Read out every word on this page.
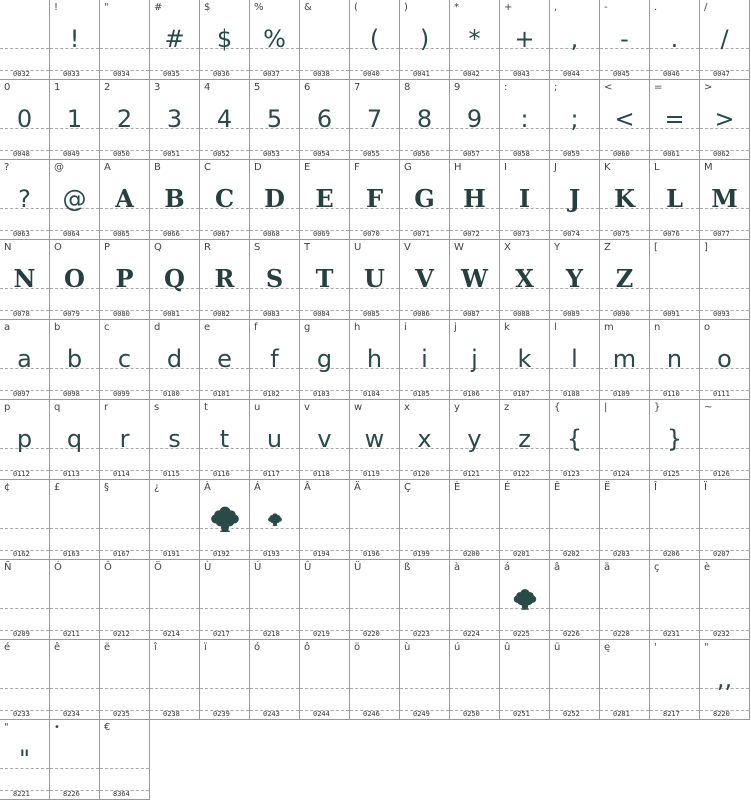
0032
!
!
0033
"
0034
#
#
0035
$
$
0036
%
%
0037
&
0038
(
(
0040
)
)
0041
*
*
0042
+
+
0043
,
,
0044
-
-
0045
.
.
0046
/
/
0047
0
0
0048
1
1
0049
2
2
0050
3
3
0051
4
4
0052
5
5
0053
6
6
0054
7
7
0055
8
8
0056
9
9
0057
:
:
0058
;
;
0059
<
<
0060
=
=
0061
>
>
0062
?
?
0063
@
@
0064
A
A
0065
B
B
0066
C
C
0067
D
D
0068
E
E
0069
F
F
0070
G
G
0071
H
H
0072
I
I
0073
J
J
0074
K
K
0075
L
L
0076
M
M
0077
N
N
0078
O
O
0079
P
P
0080
Q
Q
0081
R
R
0082
S
S
0083
T
T
0084
U
U
0085
V
V
0086
W
W
0087
X
X
0088
Y
Y
0089
Z
Z
0090
[
0091
]
0093
a
a
0097
b
b
0098
c
c
0099
d
d
0100
e
e
0101
f
f
0102
g
g
0103
h
h
0104
i
i
0105
j
j
0106
k
k
0107
l
l
0108
m
m
0109
n
n
0110
o
o
0111
p
p
0112
q
q
0113
r
r
0114
s
s
0115
t
t
0116
u
u
0117
v
v
0118
w
w
0119
x
x
0120
y
y
0121
z
z
0122
{
{
0123
|
0124
}
}
0125
~
0126
¢
0162
£
0163
§
0167
¿
0191
À
0192
Á
0193
Â
0194
Ä
0196
Ç
0199
È
0200
É
0201
Ê
0202
Ë
0203
Î
0206
Ï
0207
Ñ
0209
Ó
0211
Ô
0212
Ö
0214
Ù
0217
Ú
0218
Û
0219
Ü
0220
ß
0223
à
0224
á
0225
â
0226
ä
0228
ç
0231
è
0232
é
0233
ê
0234
ë
0235
î
0238
ï
0239
ó
0243
ô
0244
ö
0246
ù
0249
ú
0250
û
0251
ü
0252
ę
0281
'
8217
"
,,
8220
"
"
8221
•
8226
€
8364
